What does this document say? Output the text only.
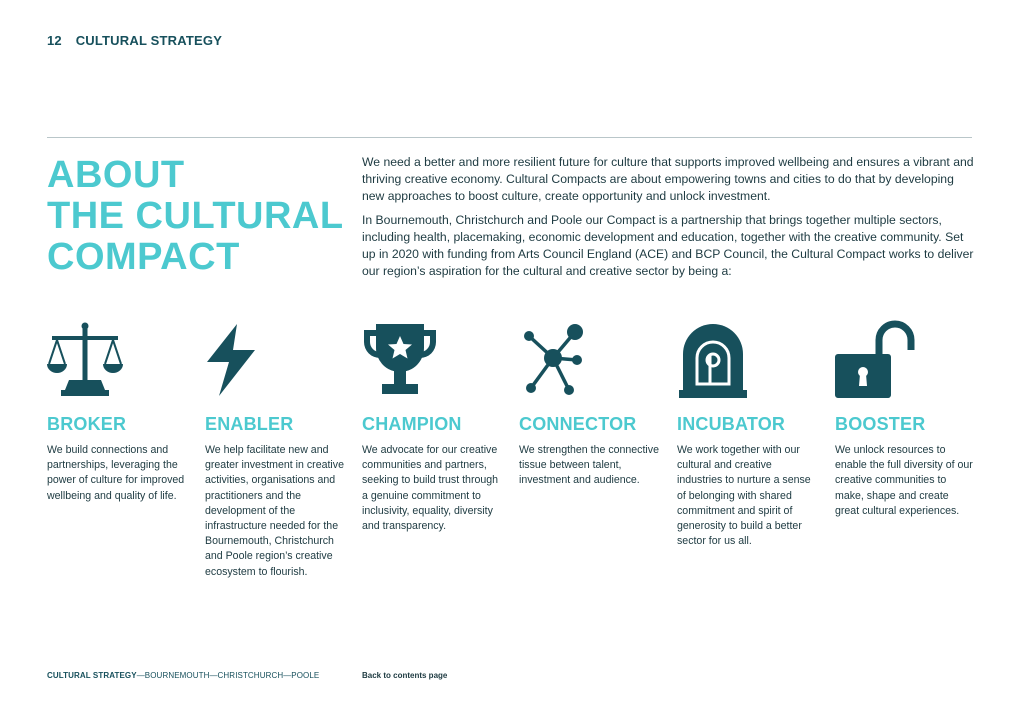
12 CULTURAL STRATEGY
ABOUT
THE CULTURAL
COMPACT

We need a better and more resilient future for culture that supports improved wellbeing and ensures a vibrant and thriving creative economy. Cultural Compacts are about empowering towns and cities to do that by developing new approaches to boost culture, create opportunity and unlock investment.

In Bournemouth, Christchurch and Poole our Compact is a partnership that brings together multiple sectors, including health, placemaking, economic development and education, together with the creative community. Set up in 2020 with funding from Arts Council England (ACE) and BCP Council, the Cultural Compact works to deliver our region’s aspiration for the cultural and creative sector by being a:

BROKER

We build connections and partnerships, leveraging the power of culture for improved wellbeing and quality of life.

ENABLER

We help facilitate new and greater investment in creative activities, organisations and practitioners and the development of the infrastructure needed for the Bournemouth, Christchurch and Poole region’s creative ecosystem to flourish.

CHAMPION

We advocate for our creative communities and partners, seeking to build trust through a genuine commitment to inclusivity, equality, diversity and transparency.

CONNECTOR

We strengthen the connective tissue between talent, investment and audience.

INCUBATOR

We work together with our cultural and creative industries to nurture a sense of belonging with shared commitment and spirit of generosity to build a better sector for us all.

BOOSTER

We unlock resources to enable the full diversity of our creative communities to make, shape and create great cultural experiences.

CULTURAL STRATEGY—BOURNEMOUTH—CHRISTCHURCH—POOLE	Back to contents page
